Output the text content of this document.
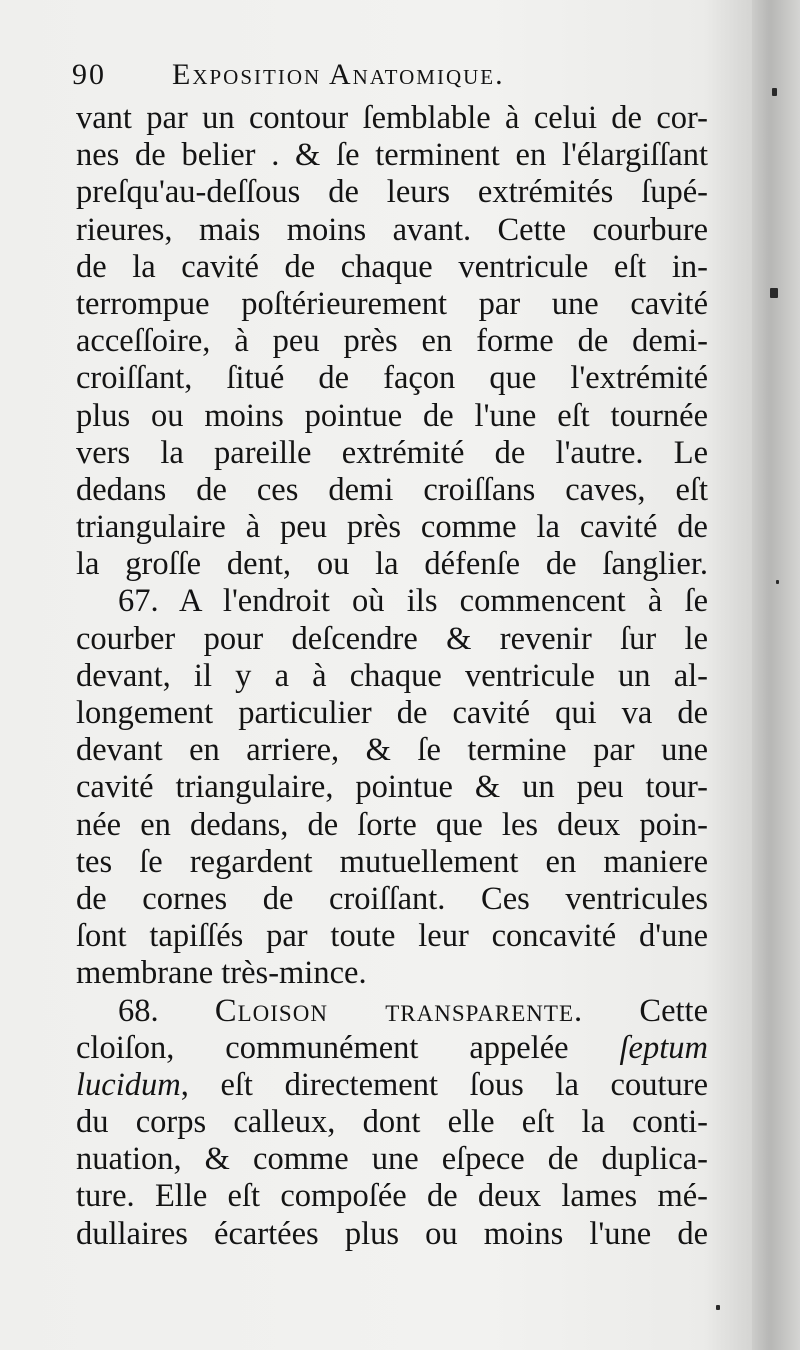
90 Exposition Anatomique.
vant par un contour ſemblable à celui de cor-
nes de belier . & ſe terminent en l'élargiſſant
preſqu'au-deſſous de leurs extrémités ſupé-
rieures, mais moins avant. Cette courbure
de la cavité de chaque ventricule eſt in-
terrompue poſtérieurement par une cavité
acceſſoire, à peu près en forme de demi-
croiſſant, ſitué de façon que l'extrémité
plus ou moins pointue de l'une eſt tournée
vers la pareille extrémité de l'autre. Le
dedans de ces demi croiſſans caves, eſt
triangulaire à peu près comme la cavité de
la groſſe dent, ou la défenſe de ſanglier.
67. A l'endroit où ils commencent à ſe
courber pour deſcendre & revenir ſur le
devant, il y a à chaque ventricule un al-
longement particulier de cavité qui va de
devant en arriere, & ſe termine par une
cavité triangulaire, pointue & un peu tour-
née en dedans, de ſorte que les deux poin-
tes ſe regardent mutuellement en maniere
de cornes de croiſſant. Ces ventricules
ſont tapiſſés par toute leur concavité d'une
membrane très-mince.
68. Cloison transparente. Cette
cloiſon, communément appelée ſeptum
lucidum, eſt directement ſous la couture
du corps calleux, dont elle eſt la conti-
nuation, & comme une eſpece de duplica-
ture. Elle eſt compoſée de deux lames mé-
dullaires écartées plus ou moins l'une de
